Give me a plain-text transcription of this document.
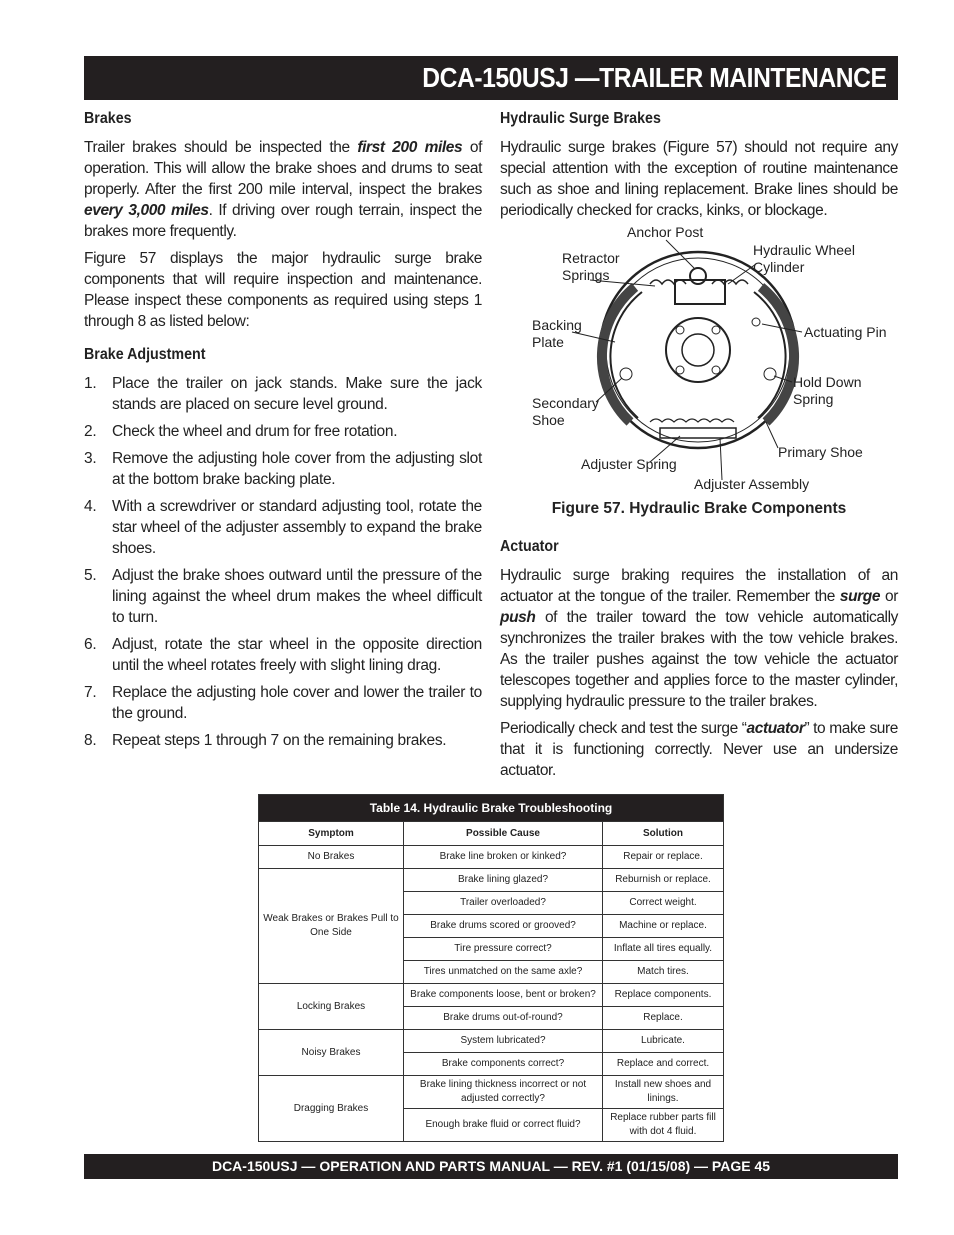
DCA-150USJ —TRAILER MAINTENANCE
Brakes

Trailer brakes should be inspected the first 200 miles of operation. This will allow the brake shoes and drums to seat properly. After the first 200 mile interval, inspect the brakes every 3,000 miles. If driving over rough terrain, inspect the brakes more frequently.

Figure 57 displays the major hydraulic surge brake components that will require inspection and maintenance. Please inspect these components as required using steps 1 through 8 as listed below:

Brake Adjustment
1. Place the trailer on jack stands. Make sure the jack stands are placed on secure level ground.
2. Check the wheel and drum for free rotation.
3. Remove the adjusting hole cover from the adjusting slot at the bottom brake backing plate.
4. With a screwdriver or standard adjusting tool, rotate the star wheel of the adjuster assembly to expand the brake shoes.
5. Adjust the brake shoes outward until the pressure of the lining against the wheel drum makes the wheel difficult to turn.
6. Adjust, rotate the star wheel in the opposite direction until the wheel rotates freely with slight lining drag.
7. Replace the adjusting hole cover and lower the trailer to the ground.
8. Repeat steps 1 through 7 on the remaining brakes.
Hydraulic Surge Brakes

Hydraulic surge brakes (Figure 57) should not require any special attention with the exception of routine maintenance such as shoe and lining replacement. Brake lines should be periodically checked for cracks, kinks, or blockage.

Anchor Post
Retractor
Springs
Hydraulic Wheel
Cylinder
Backing
Plate
Actuating Pin
Hold Down
Spring
Secondary
Shoe
Primary Shoe
Adjuster Spring
Adjuster Assembly
Figure 57. Hydraulic Brake Components
Actuator

Hydraulic surge braking requires the installation of an actuator at the tongue of the trailer. Remember the surge or push of the trailer toward the tow vehicle automatically synchronizes the trailer brakes with the tow vehicle brakes. As the trailer pushes against the tow vehicle the actuator telescopes together and applies force to the master cylinder, supplying hydraulic pressure to the trailer brakes.

Periodically check and test the surge “actuator” to make sure that it is functioning correctly. Never use an undersize actuator.

Table 14. Hydraulic Brake Troubleshooting		
Symptom	Possible Cause	Solution
No Brakes	Brake line broken or kinked?	Repair or replace.
Weak Brakes or Brakes Pull to One Side	Brake lining glazed?	Reburnish or replace.
	Trailer overloaded?	Correct weight.
	Brake drums scored or grooved?	Machine or replace.
	Tire pressure correct?	Inflate all tires equally.
	Tires unmatched on the same axle?	Match tires.
Locking Brakes	Brake components loose, bent or broken?	Replace components.
	Brake drums out-of-round?	Replace.
Noisy Brakes	System lubricated?	Lubricate.
	Brake components correct?	Replace and correct.
Dragging Brakes	Brake lining thickness incorrect or not adjusted correctly?	Install new shoes and linings.
	Enough brake fluid or correct fluid?	Replace rubber parts fill with dot 4 fluid.
DCA-150USJ — OPERATION AND PARTS MANUAL — REV. #1 (01/15/08) — PAGE 45
